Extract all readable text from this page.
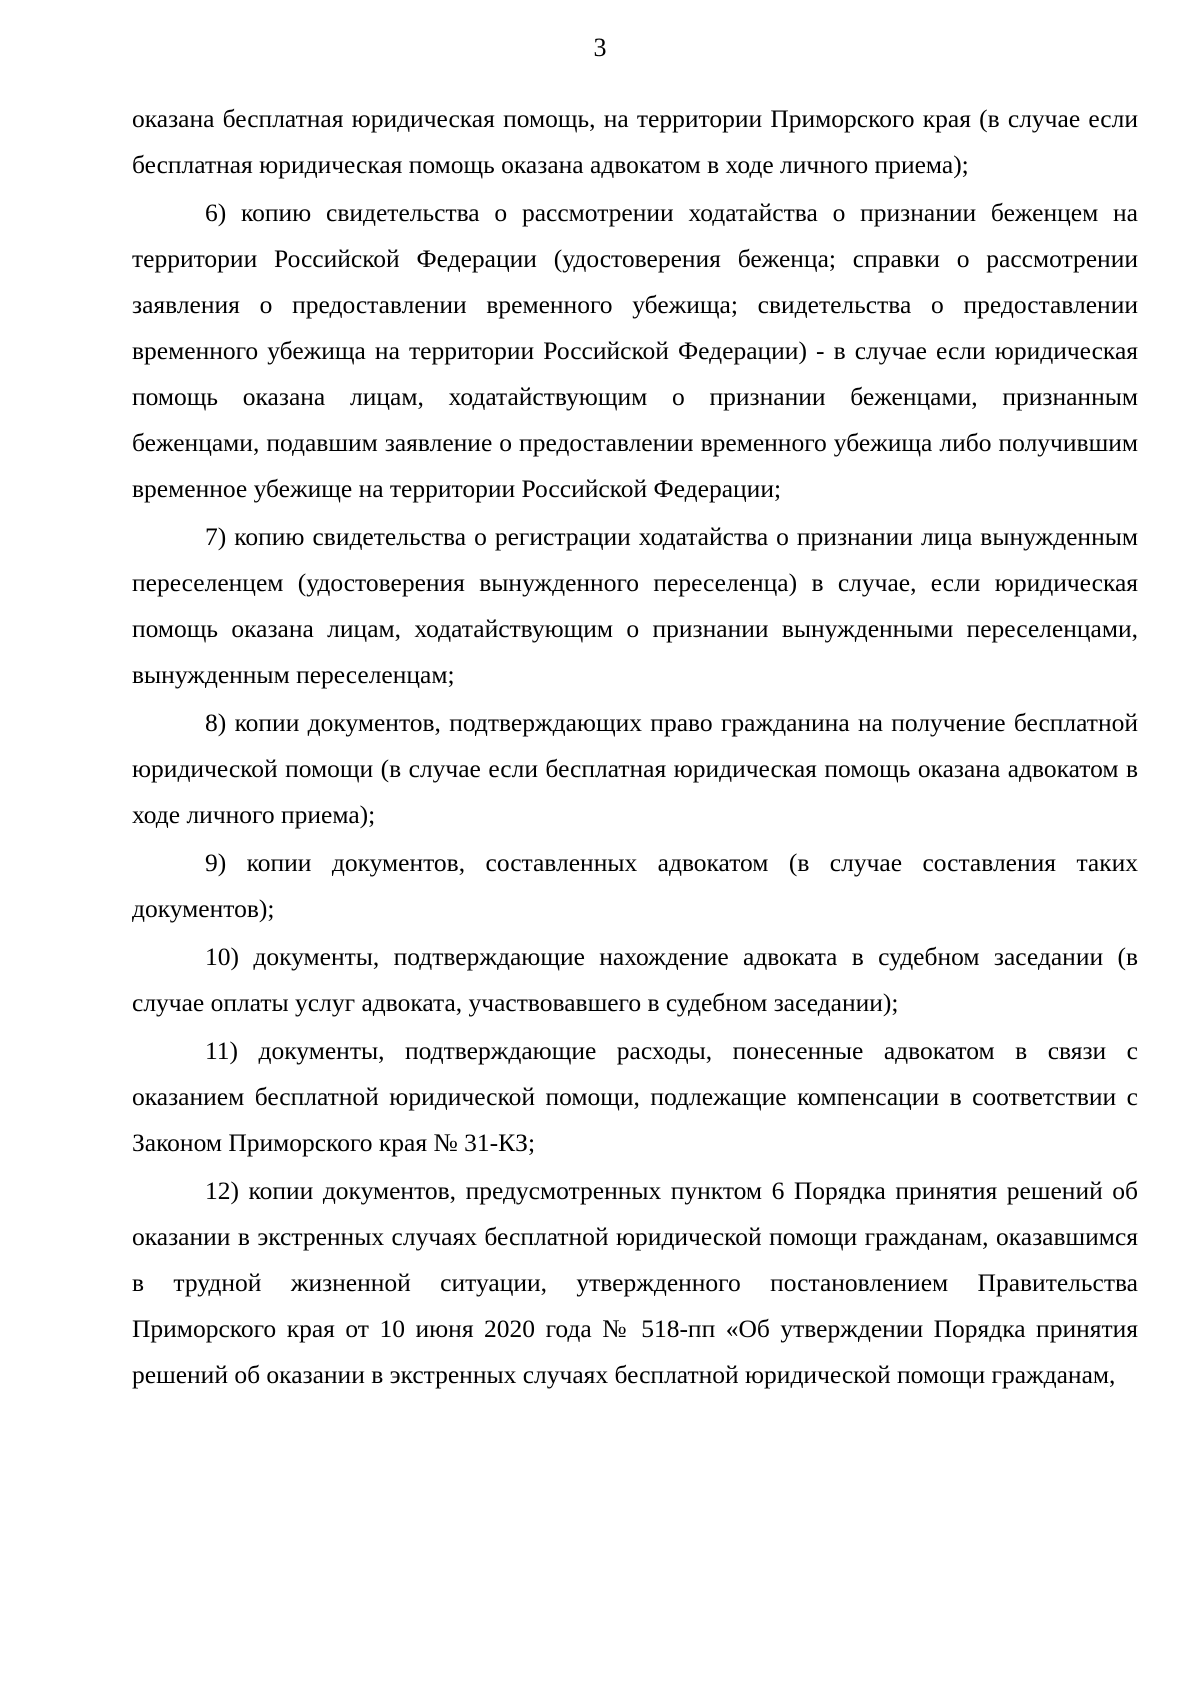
3

оказана бесплатная юридическая помощь, на территории Приморского края (в случае если бесплатная юридическая помощь оказана адвокатом в ходе личного приема);

6) копию свидетельства о рассмотрении ходатайства о признании беженцем на территории Российской Федерации (удостоверения беженца; справки о рассмотрении заявления о предоставлении временного убежища; свидетельства о предоставлении временного убежища на территории Российской Федерации) - в случае если юридическая помощь оказана лицам, ходатайствующим о признании беженцами, признанным беженцами, подавшим заявление о предоставлении временного убежища либо получившим временное убежище на территории Российской Федерации;

7) копию свидетельства о регистрации ходатайства о признании лица вынужденным переселенцем (удостоверения вынужденного переселенца) в случае, если юридическая помощь оказана лицам, ходатайствующим о признании вынужденными переселенцами, вынужденным переселенцам;

8) копии документов, подтверждающих право гражданина на получение бесплатной юридической помощи (в случае если бесплатная юридическая помощь оказана адвокатом в ходе личного приема);

9) копии документов, составленных адвокатом (в случае составления таких документов);

10) документы, подтверждающие нахождение адвоката в судебном заседании (в случае оплаты услуг адвоката, участвовавшего в судебном заседании);

11) документы, подтверждающие расходы, понесенные адвокатом в связи с оказанием бесплатной юридической помощи, подлежащие компенсации в соответствии с Законом Приморского края № 31-КЗ;

12) копии документов, предусмотренных пунктом 6 Порядка принятия решений об оказании в экстренных случаях бесплатной юридической помощи гражданам, оказавшимся в трудной жизненной ситуации, утвержденного постановлением Правительства Приморского края от 10 июня 2020 года № 518-пп «Об утверждении Порядка принятия решений об оказании в экстренных случаях бесплатной юридической помощи гражданам,
